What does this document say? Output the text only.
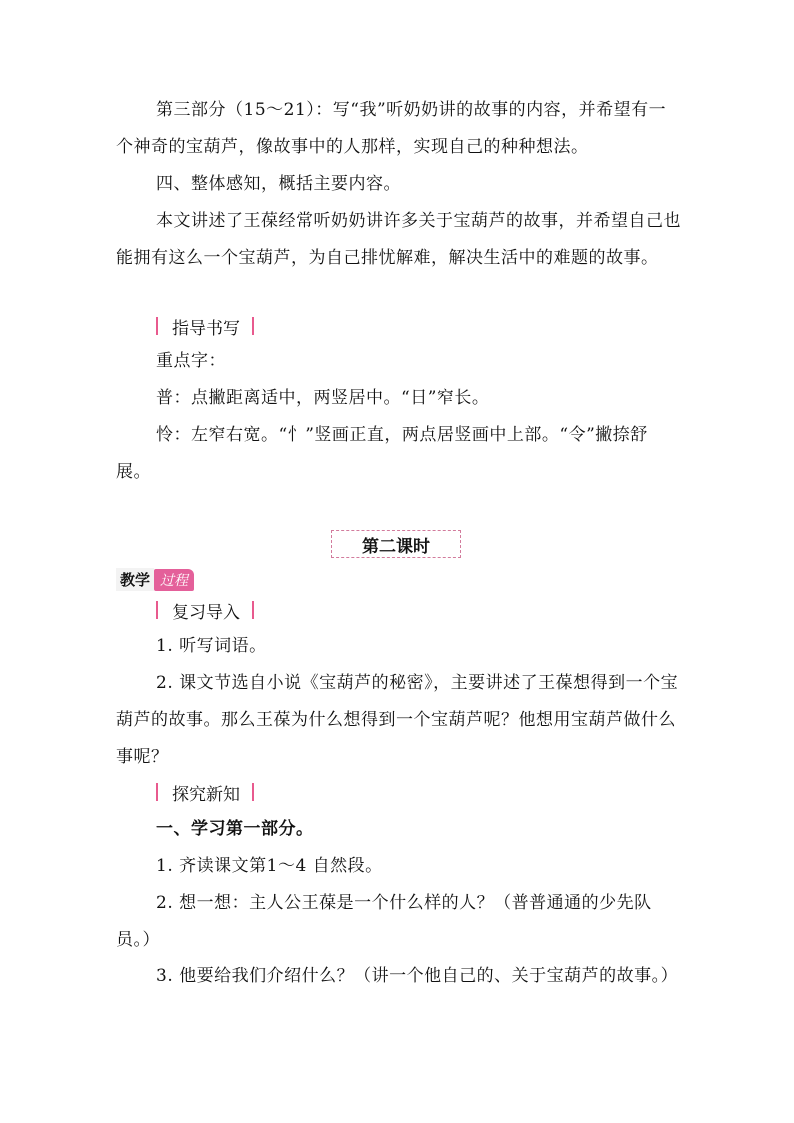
第三部分（15～21）：写“我”听奶奶讲的故事的内容，并希望有一个神奇的宝葫芦，像故事中的人那样，实现自己的种种想法。

四、整体感知，概括主要内容。

本文讲述了王葆经常听奶奶讲许多关于宝葫芦的故事，并希望自己也能拥有这么一个宝葫芦，为自己排忧解难，解决生活中的难题的故事。

指导书写

重点字：

普：点撇距离适中，两竖居中。“日”窄长。

怜：左窄右宽。“忄”竖画正直，两点居竖画中上部。“令”撇捺舒展。

第二课时
教学 过程
复习导入

1. 听写词语。

2. 课文节选自小说《宝葫芦的秘密》，主要讲述了王葆想得到一个宝葫芦的故事。那么王葆为什么想得到一个宝葫芦呢？他想用宝葫芦做什么事呢？

探究新知

一、学习第一部分。

1. 齐读课文第1～4 自然段。

2. 想一想：主人公王葆是一个什么样的人？（普普通通的少先队员。）

3. 他要给我们介绍什么？（讲一个他自己的、关于宝葫芦的故事。）
